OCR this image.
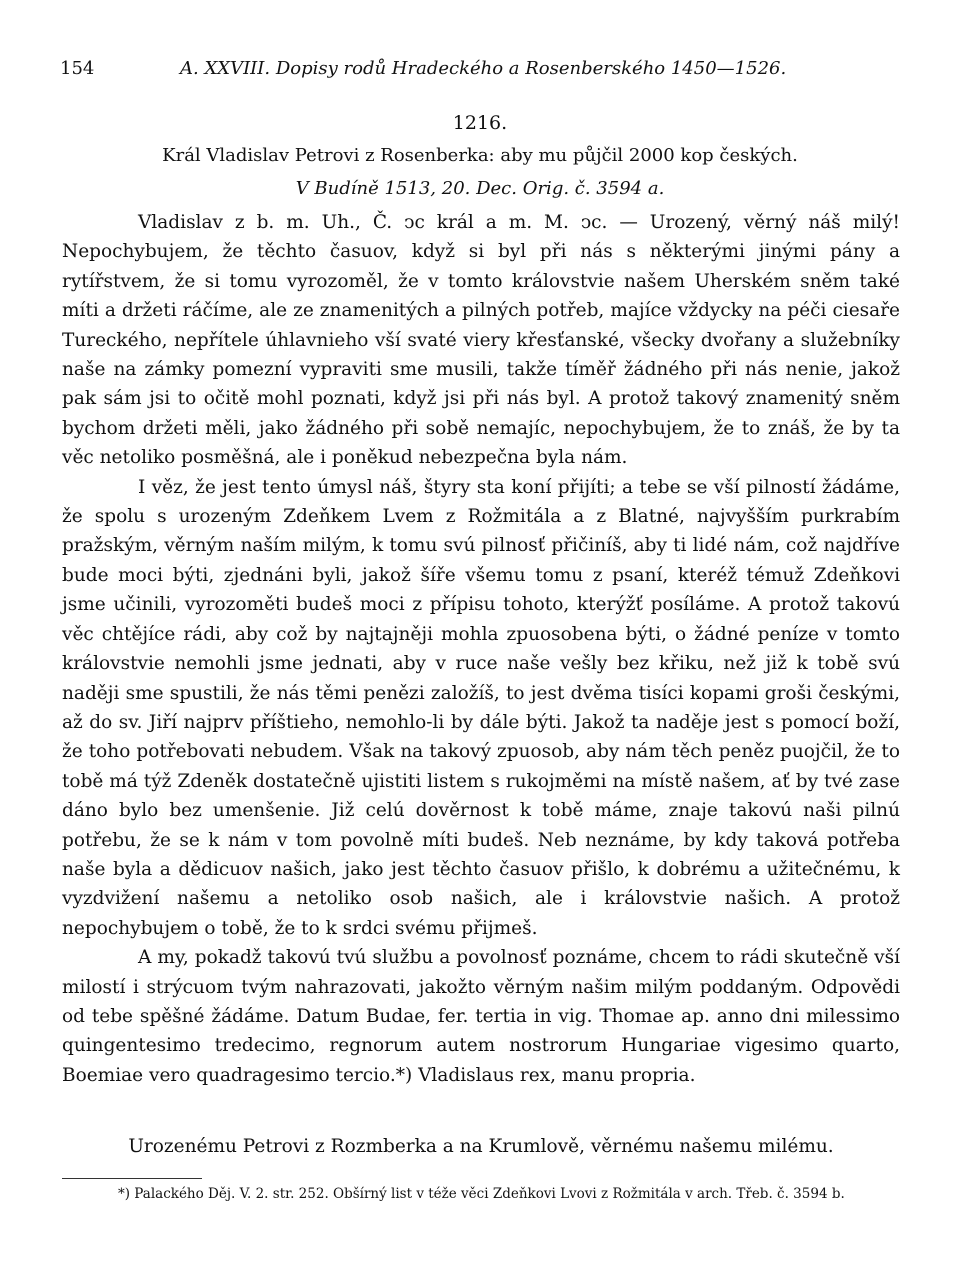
154	A. XXVIII. Dopisy rodů Hradeckého a Rosenberského 1450—1526.
1216.
Král Vladislav Petrovi z Rosenberka: aby mu půjčil 2000 kop českých.
V Budíně 1513, 20. Dec. Orig. č. 3594 a.

Vladislav z b. m. Uh., Č. ↄc král a m. M. ↄc. — Urozený, věrný náš milý! Nepochybujem, že těchto časuov, když si byl při nás s některými jinými pány a rytířstvem, že si tomu vyrozoměl, že v tomto královstvie našem Uherském sněm také míti a držeti ráčíme, ale ze znamenitých a pilných potřeb, majíce vždycky na péči ciesaře Tureckého, nepřítele úhlavnieho vší svaté viery křesťanské, všecky dvořany a služebníky naše na zámky pomezní vypraviti sme musili, takže tíměř žádného při nás nenie, jakož pak sám jsi to očitě mohl poznati, když jsi při nás byl. A protož takový znamenitý sněm bychom držeti měli, jako žádného při sobě nemajíc, nepochybujem, že to znáš, že by ta věc netoliko posměšná, ale i poněkud nebezpečna byla nám.

I věz, že jest tento úmysl náš, štyry sta koní přijíti; a tebe se vší pilností žádáme, že spolu s urozeným Zdeňkem Lvem z Rožmitála a z Blatné, najvyšším purkrabím pražským, věrným naším milým, k tomu svú pilnosť přičiníš, aby ti lidé nám, což najdříve bude moci býti, zjednáni byli, jakož šíře všemu tomu z psaní, kteréž témuž Zdeňkovi jsme učinili, vyrozoměti budeš moci z přípisu tohoto, kterýžť posíláme. A protož takovú věc chtějíce rádi, aby což by najtajněji mohla zpuosobena býti, o žádné peníze v tomto královstvie nemohli jsme jednati, aby v ruce naše vešly bez křiku, než již k tobě svú naději sme spustili, že nás těmi penězi založíš, to jest dvěma tisíci kopami groši českými, až do sv. Jiří najprv příštieho, nemohlo-li by dále býti. Jakož ta naděje jest s pomocí boží, že toho potřebovati nebudem. Však na takový zpuosob, aby nám těch peněz puojčil, že to tobě má týž Zdeněk dostatečně ujistiti listem s rukojměmi na místě našem, ať by tvé zase dáno bylo bez umenšenie. Již celú dověrnost k tobě máme, znaje takovú naši pilnú potřebu, že se k nám v tom povolně míti budeš. Neb neznáme, by kdy taková potřeba naše byla a dědicuov našich, jako jest těchto časuov přišlo, k dobrému a užitečnému, k vyzdvižení našemu a netoliko osob našich, ale i královstvie našich. A protož nepochybujem o tobě, že to k srdci svému přijmeš.

A my, pokadž takovú tvú službu a povolnosť poznáme, chcem to rádi skutečně vší milostí i strýcuom tvým nahrazovati, jakožto věrným našim milým poddaným. Odpovědi od tebe spěšné žádáme. Datum Budae, fer. tertia in vig. Thomae ap. anno dni milessimo quingentesimo tredecimo, regnorum autem nostrorum Hungariae vigesimo quarto, Boemiae vero quadragesimo tercio.*) Vladislaus rex, manu propria.

Urozenému Petrovi z Rozmberka a na Krumlově, věrnému našemu milému.
*) Palackého Děj. V. 2. str. 252. Obšírný list v téže věci Zdeňkovi Lvovi z Rožmitála v arch. Třeb. č. 3594 b.
